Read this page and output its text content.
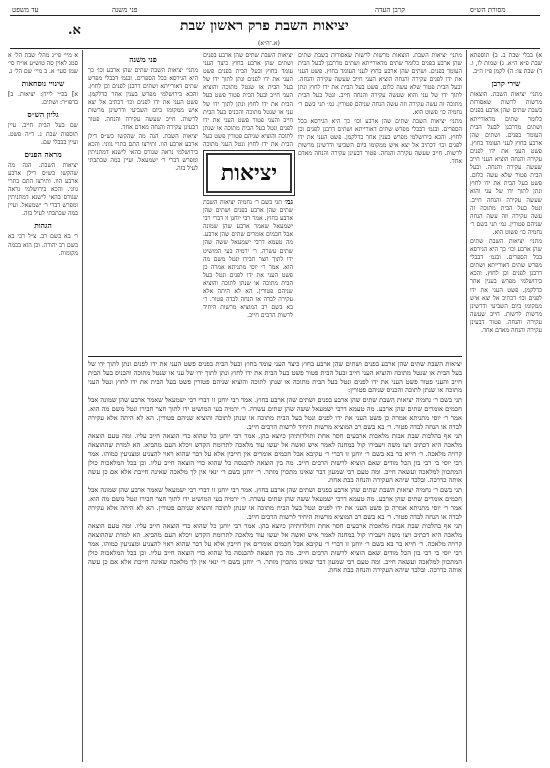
עד משפט	פני משנה
א.	יציאות השבת פרק ראשון שבת
קרבן העדה	מסורת הש״ס
(א.־ה״א)

א מיי׳ פי״ג מהל׳ שבת הל׳ א סמג לאוין סה טוש״ע או״ח סי׳ שמז סעי׳ א. ב מיי׳ שם הל׳ ג.

שינויי נוסחאות

א] בכ״י ליידן: יציאות. ב] בדפו״ר: ושתים.

גליון הש״ס

שם בעל הבית חייב. עיין תוספות שבת ג. ד״ה פשט. ועיין בבבלי שם.

מראה הפנים

יציאות השבת. הנה מה שהקשו בש״ס דילן ארבע ארבע הוו. ותירצו התם בתרי גווני. והכא בירושלמי נראה שגורס בהאי לישנא דמתניתין ומפרש דברי ר׳ ישמעאל. ועיין במה שכתבתי לעיל בזה.

הגהות

ר׳ בא בשם רב. צ״ל רבי בא בשם רב יהודה. וכן הוא בכמה מקומות.

א) בבלי שבת ב. ב) תוספתא שבת פ״א ה״א. ג) שמות לו, ו. ד) שבת צו: ה) לקמן פ״ז ה״ב.

שירי קרבן

מתני׳ יציאות השבת. הוצאות מרשות לרשות שאסורות בשבת שתים שהן ארבע בפנים כלומר שתים מדאורייתא ושתים מדרבנן לבעל הבית העומד בפנים. ושתים שהן ארבע בחוץ לעני העומד בחוץ. פשט העני את ידו לפנים עקירה והנחה הוציא העני חייב שעשה עקירה והנחה. ובעל הבית פטור שלא עשה כלום. פשט בעל הבית את ידו לחוץ ונתן לתוך ידו של עני והוא שעשה עקירה והנחה חייב. ונטל בעל הבית מתוכה זה עשה עקירה וזה עשה הנחה שניהם פטורין. גמ׳ תני בשם ר׳ נחמיה כו׳ פשוט הוא.

מתני׳ יציאות השבת שתים שהן ארבע וכו׳ כך היא הגירסא בכל הספרים. ובגמ׳ דבבלי מפרש שתים דאורייתא ושתים דרבנן לפנים וכן לחוץ. והכא בירושלמי מפרש בענין אחר כדלקמן. פשט העני את ידו לפנים וכו׳ דכתיב אל יצא איש ממקומו ביום השביעי ודרשינן מרשות לרשות. חייב שעשה עקירה והנחה. פטור דבעינן עקירה והנחה מאדם אחד.

פני משנה

מתני׳ יציאות השבת שתים שהן ארבע וכו׳ כך היא הגירסא בכל הספרים. ובגמ׳ דבבלי מפרש שתים דאורייתא ושתים דרבנן לפנים וכן לחוץ. והכא בירושלמי מפרש בענין אחר כדלקמן. פשט העני את ידו לפנים וכו׳ דכתיב אל יצא איש ממקומו ביום השביעי ודרשינן מרשות לרשות. חייב שעשה עקירה והנחה. פטור דבעינן עקירה והנחה מאדם אחד.

יציאות השבת. הנה מה שהקשו בש״ס דילן ארבע ארבע הוו. ותירצו התם בתרי גווני. והכא בירושלמי נראה שגורס בהאי לישנא דמתניתין ומפרש דברי ר׳ ישמעאל. ועיין במה שכתבתי לעיל בזה.

מתני׳ יציאות השבת. הוצאות מרשות לרשות שאסורות בשבת שתים שהן ארבע בפנים כלומר שתים מדאורייתא ושתים מדרבנן לבעל הבית העומד בפנים. ושתים שהן ארבע בחוץ לעני העומד בחוץ. פשט העני את ידו לפנים עקירה והנחה הוציא העני חייב שעשה עקירה והנחה. ובעל הבית פטור שלא עשה כלום. פשט בעל הבית את ידו לחוץ ונתן לתוך ידו של עני והוא שעשה עקירה והנחה חייב. ונטל בעל הבית מתוכה זה עשה עקירה וזה עשה הנחה שניהם פטורין. גמ׳ תני בשם ר׳ נחמיה כו׳ פשוט הוא.

מתני׳ יציאות השבת שתים שהן ארבע וכו׳ כך היא הגירסא בכל הספרים. ובגמ׳ דבבלי מפרש שתים דאורייתא ושתים דרבנן לפנים וכן לחוץ. והכא בירושלמי מפרש בענין אחר כדלקמן. פשט העני את ידו לפנים וכו׳ דכתיב אל יצא איש ממקומו ביום השביעי ודרשינן מרשות לרשות. חייב שעשה עקירה והנחה. פטור דבעינן עקירה והנחה מאדם אחד.

יציאות השבת שתים שהן ארבע בפנים ושתים שהן ארבע בחוץ כיצד העני עומד בחוץ ובעל הבית בפנים פשט העני את ידו לפנים ונתן לתוך ידו של בעל הבית או שנטל מתוכה והוציא העני חייב ובעל הבית פטור פשט בעל הבית את ידו לחוץ ונתן לתוך ידו של עני או שנטל מתוכה והכניס בעל הבית חייב והעני פטור פשט העני את ידו לפנים ונטל בעל הבית מתוכה או שנתן לתוכה והוציא שניהם פטורין פשט בעל הבית את ידו לחוץ ונטל העני מתוכה

יציאות

גמ׳ תני בשם ר׳ נחמיה יציאות השבת שתים שהן ארבע בפנים ושתים שהן ארבע בחוץ. אמר רבי יוחנן זו דברי רבי ישמעאל שאמר ארבע שהן שמונה אבל חכמים אומרים שתים שהן ארבע. מה טעמא דרבי ישמעאל ששה שהן שתים עשרה. ר׳ ירמיה בעי המושיט ידו לתוך חצר חבירו ונטל משם מה הוא. אמר ר׳ יוסי מתניתא אמרה כן פשט העני את ידו לפנים ונטל בעל הבית מתוכה או שנתן לתוכה והוציא שניהם פטורין. הא לא היתה אלא עקירה לבדה או הנחה לבדה פטור. ר׳ בא בשם רב המוציא מרשות היחיד לרשות הרבים חייב.

יציאות השבת שתים שהן ארבע בפנים ושתים שהן ארבע בחוץ כיצד העני עומד בחוץ ובעל הבית בפנים פשט העני את ידו לפנים ונתן לתוך ידו של בעל הבית או שנטל מתוכה והוציא העני חייב ובעל הבית פטור פשט בעל הבית את ידו לחוץ ונתן לתוך ידו של עני או שנטל מתוכה והכניס בעל הבית חייב והעני פטור פשט העני את ידו לפנים ונטל בעל הבית מתוכה או שנתן לתוכה והוציא שניהם פטורין פשט בעל הבית את ידו לחוץ ונטל העני מתוכה או שנתן לתוכה והכניס שניהם פטורין:

תני בשם ר׳ נחמיה יציאות השבת שתים שהן ארבע בפנים ושתים שהן ארבע בחוץ. אמר רבי יוחנן זו דברי רבי ישמעאל שאמר ארבע שהן שמונה אבל חכמים אומרים שתים שהן ארבע. מה טעמא דרבי ישמעאל ששה שהן שתים עשרה. ר׳ ירמיה בעי המושיט ידו לתוך חצר חבירו ונטל משם מה הוא. אמר ר׳ יוסי מתניתא אמרה כן פשט העני את ידו לפנים ונטל בעל הבית מתוכה או שנתן לתוכה והוציא שניהם פטורין. הא לא היתה אלא עקירה לבדה או הנחה לבדה פטור. ר׳ בא בשם רב המוציא מרשות היחיד לרשות הרבים חייב.

תני אף בהלכות שבת אבות מלאכות ארבעים חסר אחת ותולדותיהן כיוצא בהן. אמר רבי יוחנן כל שהוא כדי הוצאה חייב עליו. ומה טעם הוצאה מלאכה היא דכתיב ויצו משה ויעבירו קול במחנה לאמר איש ואשה אל יעשו עוד מלאכה לתרומת הקדש ויכלא העם מהביא. הא למדת שההוצאה קרויה מלאכה. ר׳ חייא בר בא בשם ר׳ יוחנן זו דברי ר׳ עקיבא אבל חכמים אומרים אין חייבין אלא על דבר שהוא ראוי להצניע ומצניעין כמוהו. אמר רבי יוסי בי רבי בון הכל מודים שאם הוציא לרשות הרבים חייב. מה בין הוצאה להכנסה כל שהוא כדי הוצאה חייב עליו. וכן בכל המלאכות כולן המתכוון למלאכה ועשאה חייב. ומה טעם רבי שמעון דבר שאינו מתכוין מותר. ר׳ יוחנן בשם ר׳ ינאי אין לך מלאכה שאינה חייבת אלא אם כן עשה אותה כדרכה. ובלבד שיהא העקירה והנחה בבת אחת.

תני בשם ר׳ נחמיה יציאות השבת שתים שהן ארבע בפנים ושתים שהן ארבע בחוץ. אמר רבי יוחנן זו דברי רבי ישמעאל שאמר ארבע שהן שמונה אבל חכמים אומרים שתים שהן ארבע. מה טעמא דרבי ישמעאל ששה שהן שתים עשרה. ר׳ ירמיה בעי המושיט ידו לתוך חצר חבירו ונטל משם מה הוא. אמר ר׳ יוסי מתניתא אמרה כן פשט העני את ידו לפנים ונטל בעל הבית מתוכה או שנתן לתוכה והוציא שניהם פטורין. הא לא היתה אלא עקירה לבדה או הנחה לבדה פטור. ר׳ בא בשם רב המוציא מרשות היחיד לרשות הרבים חייב.

תני אף בהלכות שבת אבות מלאכות ארבעים חסר אחת ותולדותיהן כיוצא בהן. אמר רבי יוחנן כל שהוא כדי הוצאה חייב עליו. ומה טעם הוצאה מלאכה היא דכתיב ויצו משה ויעבירו קול במחנה לאמר איש ואשה אל יעשו עוד מלאכה לתרומת הקדש ויכלא העם מהביא. הא למדת שההוצאה קרויה מלאכה. ר׳ חייא בר בא בשם ר׳ יוחנן זו דברי ר׳ עקיבא אבל חכמים אומרים אין חייבין אלא על דבר שהוא ראוי להצניע ומצניעין כמוהו. אמר רבי יוסי בי רבי בון הכל מודים שאם הוציא לרשות הרבים חייב. מה בין הוצאה להכנסה כל שהוא כדי הוצאה חייב עליו. וכן בכל המלאכות כולן המתכוון למלאכה ועשאה חייב. ומה טעם רבי שמעון דבר שאינו מתכוין מותר. ר׳ יוחנן בשם ר׳ ינאי אין לך מלאכה שאינה חייבת אלא אם כן עשה אותה כדרכה. ובלבד שיהא העקירה והנחה בבת אחת.
